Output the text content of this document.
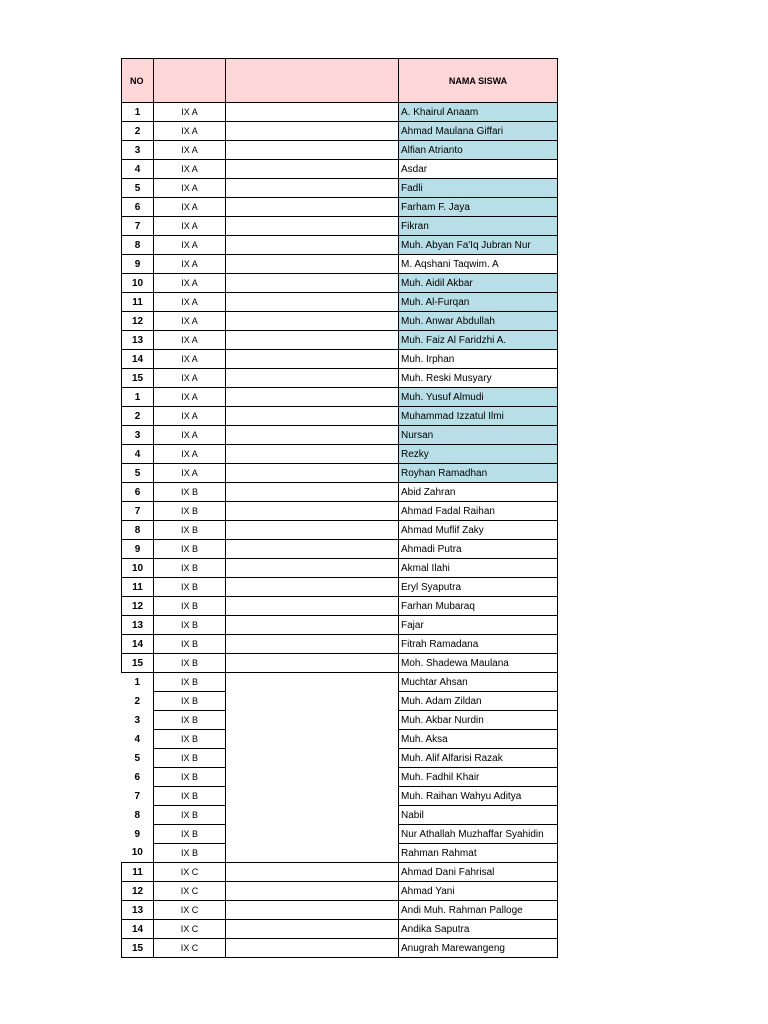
NO			NAMA SISWA
1	IX A		A. Khairul Anaam
2	IX A		Ahmad Maulana Giffari
3	IX A		Alfian Atrianto
4	IX A		Asdar
5	IX A		Fadli
6	IX A		Farham F. Jaya
7	IX A		Fikran
8	IX A		Muh. Abyan Fa'Iq Jubran Nur
9	IX A		M. Aqshani Taqwim. A
10	IX A		Muh. Aidil Akbar
11	IX A		Muh. Al-Furqan
12	IX A		Muh. Anwar Abdullah
13	IX A		Muh. Faiz Al Faridzhi A.
14	IX A		Muh. Irphan
15	IX A		Muh. Reski Musyary
1	IX A		Muh. Yusuf Almudi
2	IX A		Muhammad Izzatul Ilmi
3	IX A		Nursan
4	IX A		Rezky
5	IX A		Royhan Ramadhan
6	IX B		Abid Zahran
7	IX B		Ahmad Fadal Raihan
8	IX B		Ahmad Muflif Zaky
9	IX B		Ahmadi Putra
10	IX B		Akmal Ilahi
11	IX B		Eryl Syaputra
12	IX B		Farhan Mubaraq
13	IX B		Fajar
14	IX B		Fitrah Ramadana
15	IX B		Moh. Shadewa Maulana
1	IX B		Muchtar Ahsan
2	IX B		Muh. Adam Zildan
3	IX B		Muh. Akbar Nurdin
4	IX B		Muh. Aksa
5	IX B		Muh. Alif Alfarisi Razak
6	IX B		Muh. Fadhil Khair
7	IX B		Muh. Raihan Wahyu Aditya
8	IX B		Nabil
9	IX B		Nur Athallah Muzhaffar Syahidin
10	IX B		Rahman Rahmat
11	IX C		Ahmad Dani Fahrisal
12	IX C		Ahmad Yani
13	IX C		Andi Muh. Rahman Palloge
14	IX C		Andika Saputra
15	IX C		Anugrah Marewangeng
